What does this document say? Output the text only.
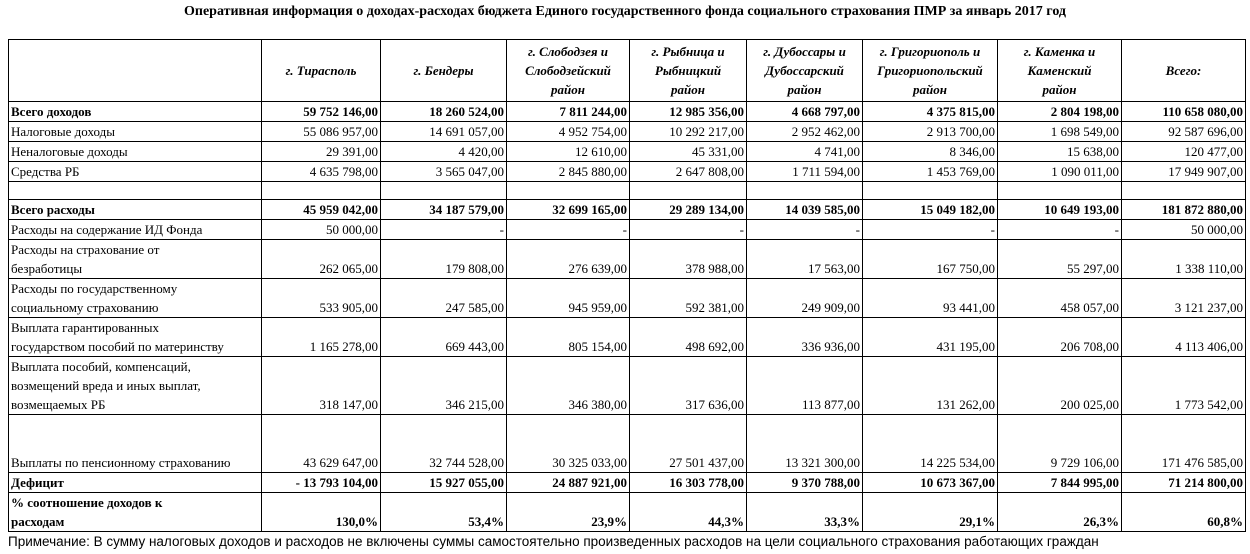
Оперативная информация о доходах-расходах бюджета Единого государственного фонда социального страхования ПМР за январь 2017 год
	г. Тирасполь	г. Бендеры	г. Слободзея и
Слободзейский
район	г. Рыбница и
Рыбницкий
район	г. Дубоссары и
Дубоссарский
район	г. Григориополь и
Григориопольский
район	г. Каменка и
Каменский
район	Всего:
Всего доходов	59 752 146,00	18 260 524,00	7 811 244,00	12 985 356,00	4 668 797,00	4 375 815,00	2 804 198,00	110 658 080,00
Налоговые доходы	55 086 957,00	14 691 057,00	4 952 754,00	10 292 217,00	2 952 462,00	2 913 700,00	1 698 549,00	92 587 696,00
Неналоговые доходы	29 391,00	4 420,00	12 610,00	45 331,00	4 741,00	8 346,00	15 638,00	120 477,00
Средства РБ	4 635 798,00	3 565 047,00	2 845 880,00	2 647 808,00	1 711 594,00	1 453 769,00	1 090 011,00	17 949 907,00

Всего расходы	45 959 042,00	34 187 579,00	32 699 165,00	29 289 134,00	14 039 585,00	15 049 182,00	10 649 193,00	181 872 880,00
Расходы на содержание ИД Фонда	50 000,00	-	-	-	-	-	-	50 000,00
Расходы на страхование от
безработицы	262 065,00	179 808,00	276 639,00	378 988,00	17 563,00	167 750,00	55 297,00	1 338 110,00
Расходы по государственному
социальному страхованию	533 905,00	247 585,00	945 959,00	592 381,00	249 909,00	93 441,00	458 057,00	3 121 237,00
Выплата гарантированных
государством пособий по материнству	1 165 278,00	669 443,00	805 154,00	498 692,00	336 936,00	431 195,00	206 708,00	4 113 406,00
Выплата пособий, компенсаций,
возмещений вреда и иных выплат,
возмещаемых РБ	318 147,00	346 215,00	346 380,00	317 636,00	113 877,00	131 262,00	200 025,00	1 773 542,00

Выплаты по пенсионному страхованию	43 629 647,00	32 744 528,00	30 325 033,00	27 501 437,00	13 321 300,00	14 225 534,00	9 729 106,00	171 476 585,00
Дефицит	- 13 793 104,00	15 927 055,00	24 887 921,00	16 303 778,00	9 370 788,00	10 673 367,00	7 844 995,00	71 214 800,00
% соотношение доходов к
расходам	130,0%	53,4%	23,9%	44,3%	33,3%	29,1%	26,3%	60,8%
Примечание: В сумму налоговых доходов и расходов не включены суммы самостоятельно произведенных расходов на цели социального страхования работающих граждан
